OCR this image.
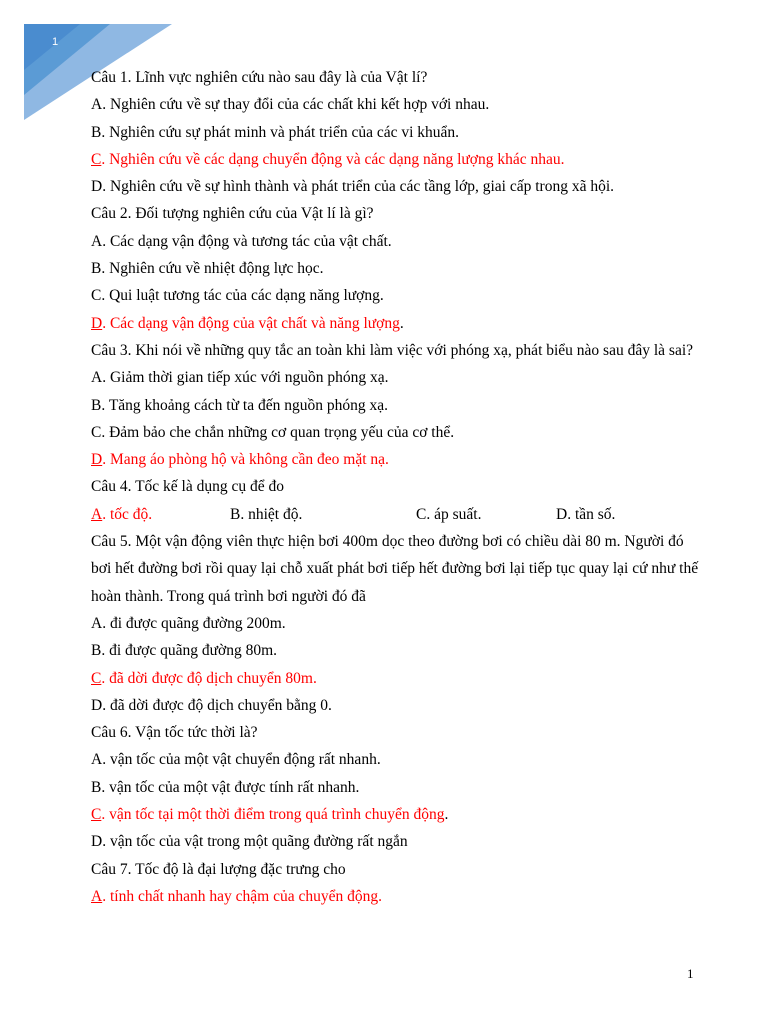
1
Câu 1. Lĩnh vực nghiên cứu nào sau đây là của Vật lí?
A. Nghiên cứu về sự thay đổi của các chất khi kết hợp với nhau.
B. Nghiên cứu sự phát minh và phát triển của các vi khuẩn.
C. Nghiên cứu về các dạng chuyển động và các dạng năng lượng khác nhau.
D. Nghiên cứu về sự hình thành và phát triển của các tầng lớp, giai cấp trong xã hội.
Câu 2. Đối tượng nghiên cứu của Vật lí là gì?
A. Các dạng vận động và tương tác của vật chất.
B. Nghiên cứu về nhiệt động lực học.
C. Qui luật tương tác của các dạng năng lượng.
D. Các dạng vận động của vật chất và năng lượng.
Câu 3. Khi nói về những quy tắc an toàn khi làm việc với phóng xạ, phát biểu nào sau đây là sai?
A. Giảm thời gian tiếp xúc với nguồn phóng xạ.
B. Tăng khoảng cách từ ta đến nguồn phóng xạ.
C. Đảm bảo che chắn những cơ quan trọng yếu của cơ thể.
D. Mang áo phòng hộ và không cần đeo mặt nạ.
Câu 4. Tốc kế là dụng cụ để đo
A. tốc độ.	B. nhiệt độ.	C. áp suất.	D. tần số.
Câu 5. Một vận động viên thực hiện bơi 400m dọc theo đường bơi có chiều dài 80 m. Người đó bơi hết đường bơi rồi quay lại chỗ xuất phát bơi tiếp hết đường bơi lại tiếp tục quay lại cứ như thế hoàn thành. Trong quá trình bơi người đó đã
A. đi được quãng đường 200m.
B. đi được quãng đường 80m.
C. đã dời được độ dịch chuyển 80m.
D. đã dời được độ dịch chuyển bằng 0.
Câu 6. Vận tốc tức thời là?
A. vận tốc của một vật chuyển động rất nhanh.
B. vận tốc của một vật được tính rất nhanh.
C. vận tốc tại một thời điểm trong quá trình chuyển động.
D. vận tốc của vật trong một quãng đường rất ngắn
Câu 7. Tốc độ là đại lượng đặc trưng cho
A. tính chất nhanh hay chậm của chuyển động.
1
